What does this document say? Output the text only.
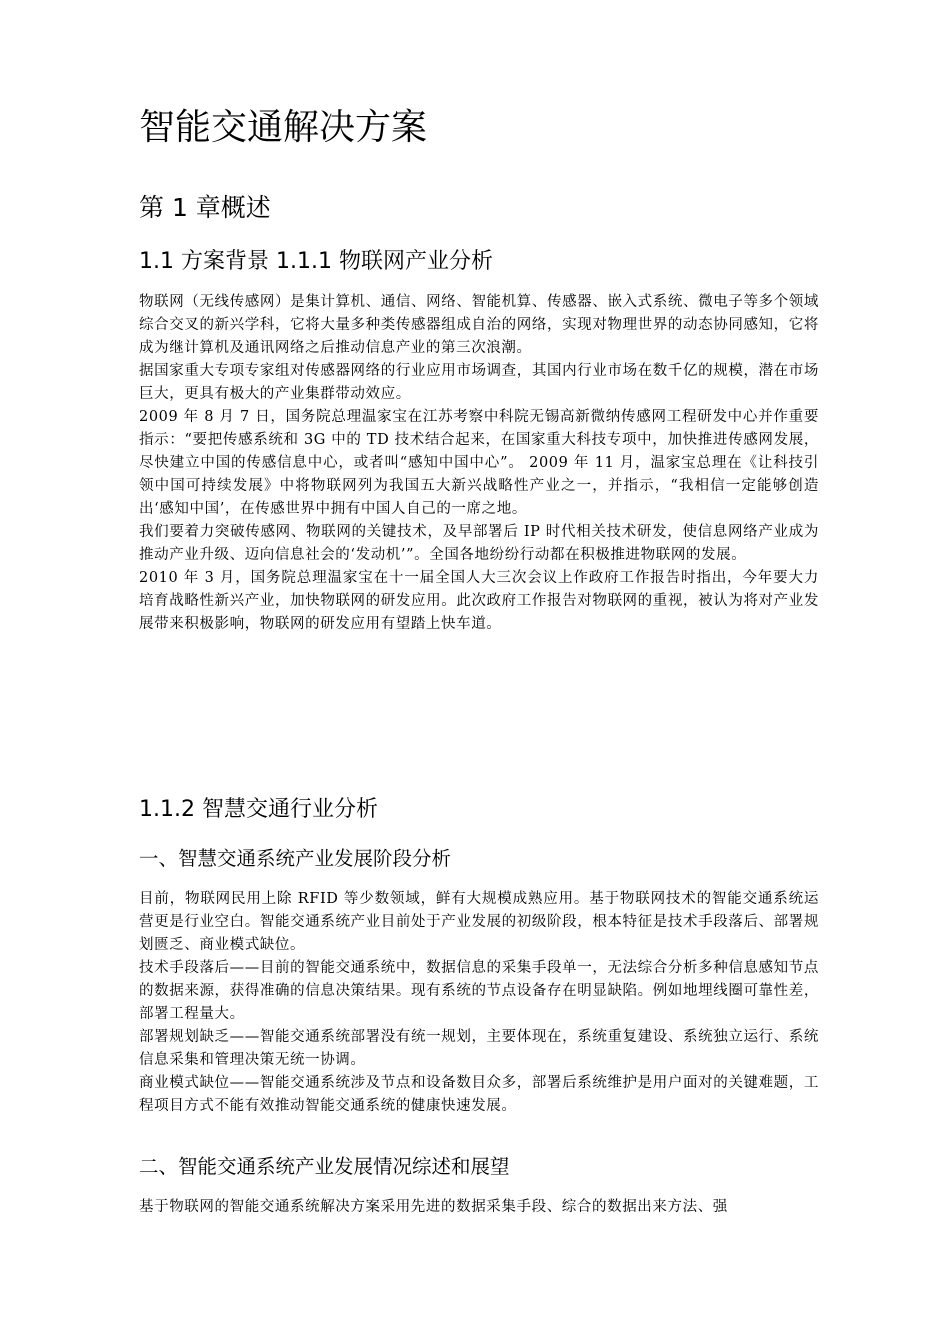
智能交通解决方案
第 1 章概述
1.1 方案背景 1.1.1 物联网产业分析

物联网（无线传感网）是集计算机、通信、网络、智能机算、传感器、嵌入式系统、微电子等多个领域综合交叉的新兴学科，它将大量多种类传感器组成自治的网络，实现对物理世界的动态协同感知，它将成为继计算机及通讯网络之后推动信息产业的第三次浪潮。

据国家重大专项专家组对传感器网络的行业应用市场调查，其国内行业市场在数千亿的规模，潜在市场巨大，更具有极大的产业集群带动效应。

2009 年 8 月 7 日，国务院总理温家宝在江苏考察中科院无锡高新微纳传感网工程研发中心并作重要指示：“要把传感系统和 3G 中的 TD 技术结合起来，在国家重大科技专项中，加快推进传感网发展，尽快建立中国的传感信息中心，或者叫“感知中国中心”。 2009 年 11 月，温家宝总理在《让科技引领中国可持续发展》中将物联网列为我国五大新兴战略性产业之一，并指示，“我相信一定能够创造出‘感知中国’，在传感世界中拥有中国人自己的一席之地。

我们要着力突破传感网、物联网的关键技术，及早部署后 IP 时代相关技术研发，使信息网络产业成为推动产业升级、迈向信息社会的‘发动机’”。全国各地纷纷行动都在积极推进物联网的发展。

2010 年 3 月，国务院总理温家宝在十一届全国人大三次会议上作政府工作报告时指出，今年要大力培育战略性新兴产业，加快物联网的研发应用。此次政府工作报告对物联网的重视，被认为将对产业发展带来积极影响，物联网的研发应用有望踏上快车道。

1.1.2 智慧交通行业分析
一、智慧交通系统产业发展阶段分析

目前，物联网民用上除 RFID 等少数领域，鲜有大规模成熟应用。基于物联网技术的智能交通系统运营更是行业空白。智能交通系统产业目前处于产业发展的初级阶段，根本特征是技术手段落后、部署规划匮乏、商业模式缺位。

技术手段落后——目前的智能交通系统中，数据信息的采集手段单一，无法综合分析多种信息感知节点的数据来源，获得准确的信息决策结果。现有系统的节点设备存在明显缺陷。例如地埋线圈可靠性差，部署工程量大。

部署规划缺乏——智能交通系统部署没有统一规划，主要体现在，系统重复建设、系统独立运行、系统信息采集和管理决策无统一协调。

商业模式缺位——智能交通系统涉及节点和设备数目众多，部署后系统维护是用户面对的关键难题，工程项目方式不能有效推动智能交通系统的健康快速发展。

二、智能交通系统产业发展情况综述和展望

基于物联网的智能交通系统解决方案采用先进的数据采集手段、综合的数据出来方法、强
